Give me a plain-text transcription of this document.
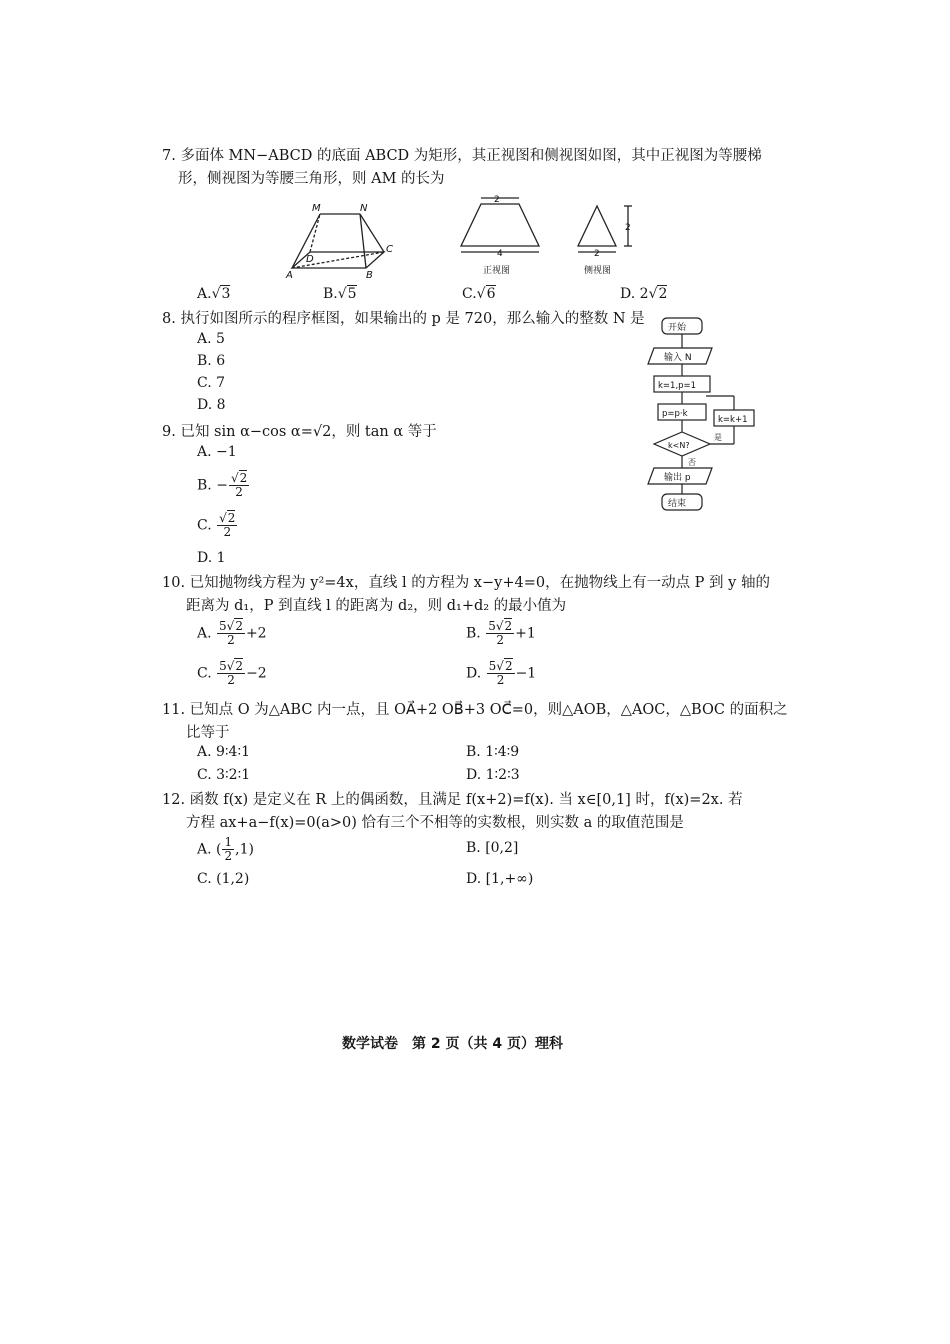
7. 多面体 MN−ABCD 的底面 ABCD 为矩形，其正视图和侧视图如图，其中正视图为等腰梯
形，侧视图为等腰三角形，则 AM 的长为
M	N
C
D
A	B
2
4
正视图
2
2
侧视图
A.√3	B.√5	C.√6	D. 2√2
8. 执行如图所示的程序框图，如果输出的 p 是 720，那么输入的整数 N 是
A. 5
B. 6
C. 7
D. 8
开始
输入 N
k=1,p=1
p=p·k
k<N?
是
k=k+1
否
输出 p
结束
9. 已知 sin α−cos α=√2，则 tan α 等于
A. −1
B. − $\frac{√2}{2}$
C. $\frac{√2}{2}$
D. 1
10. 已知抛物线方程为 y²=4x，直线 l 的方程为 x−y+4=0，在抛物线上有一动点 P 到 y 轴的
距离为 d₁，P 到直线 l 的距离为 d₂，则 d₁+d₂ 的最小值为
A. $\frac{5√2}{2} +2$	B. $\frac{5√2}{2} +1$
C. $\frac{5√2}{2} -2$	D. $\frac{5√2}{2} -1$
11. 已知点 O 为△ABC 内一点，且 OA⃗+2 OB⃗+3 OC⃗=0，则△AOB，△AOC，△BOC 的面积之
比等于
A. 9∶4∶1	B. 1∶4∶9
C. 3∶2∶1	D. 1∶2∶3
12. 函数 f(x) 是定义在 R 上的偶函数，且满足 f(x+2)=f(x). 当 x∈[0,1] 时，f(x)=2x. 若
方程 ax+a−f(x)=0(a>0) 恰有三个不相等的实数根，则实数 a 的取值范围是
A. ( $\frac{1}{2} ,1$)	B. [0,2]
C. (1,2)	D. [1,+∞)
数学试卷　第 2 页（共 4 页）理科
